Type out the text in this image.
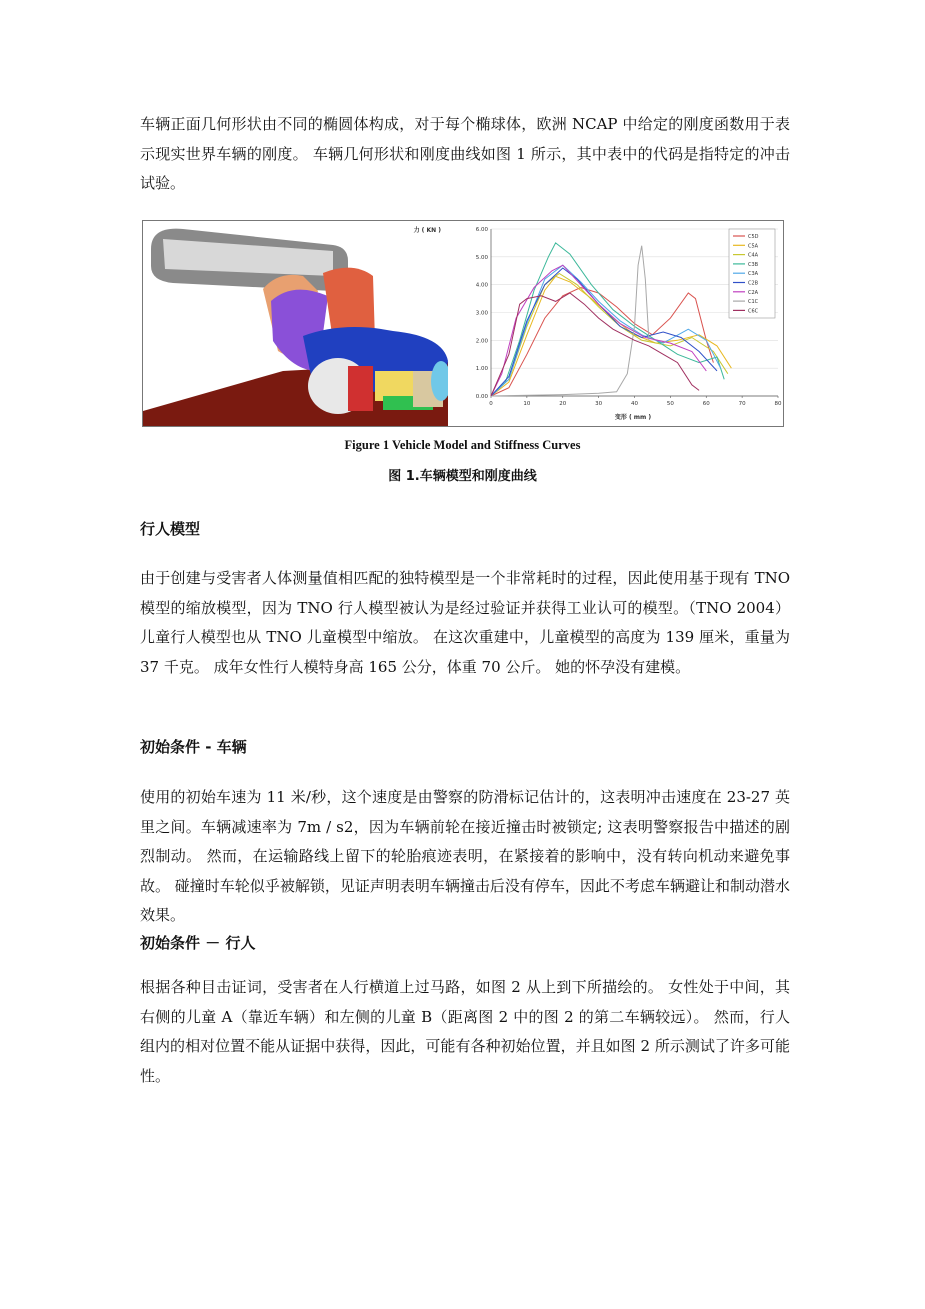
车辆正面几何形状由不同的椭圆体构成，对于每个椭球体，欧洲 NCAP 中给定的刚度函数用于表示现实世界车辆的刚度。 车辆几何形状和刚度曲线如图 1 所示，其中表中的代码是指特定的冲击试验。
力 ( KN )
变形 ( mm )
0.00
1.00
2.00
3.00
4.00
5.00
6.00
0	10	20	30	40	50	60	70	80
C5D
C5A
C4A
C3B
C3A
C2B
C2A
C1C
C6C
Figure 1 Vehicle Model and Stiffness Curves
图 1.车辆模型和刚度曲线
行人模型
由于创建与受害者人体测量值相匹配的独特模型是一个非常耗时的过程，因此使用基于现有 TNO 模型的缩放模型，因为 TNO 行人模型被认为是经过验证并获得工业认可的模型。（TNO 2004）儿童行人模型也从 TNO 儿童模型中缩放。 在这次重建中，儿童模型的高度为 139 厘米，重量为 37 千克。 成年女性行人模特身高 165 公分，体重 70 公斤。 她的怀孕没有建模。
初始条件 - 车辆
使用的初始车速为 11 米/秒，这个速度是由警察的防滑标记估计的，这表明冲击速度在 23-27 英里之间。车辆减速率为 7m / s2，因为车辆前轮在接近撞击时被锁定; 这表明警察报告中描述的剧烈制动。 然而，在运输路线上留下的轮胎痕迹表明，在紧接着的影响中，没有转向机动来避免事故。 碰撞时车轮似乎被解锁，见证声明表明车辆撞击后没有停车，因此不考虑车辆避让和制动潜水效果。
初始条件 － 行人
根据各种目击证词，受害者在人行横道上过马路，如图 2 从上到下所描绘的。 女性处于中间，其右侧的儿童 A（靠近车辆）和左侧的儿童 B（距离图 2 中的图 2 的第二车辆较远）。 然而，行人组内的相对位置不能从证据中获得，因此，可能有各种初始位置，并且如图 2 所示测试了许多可能性。
